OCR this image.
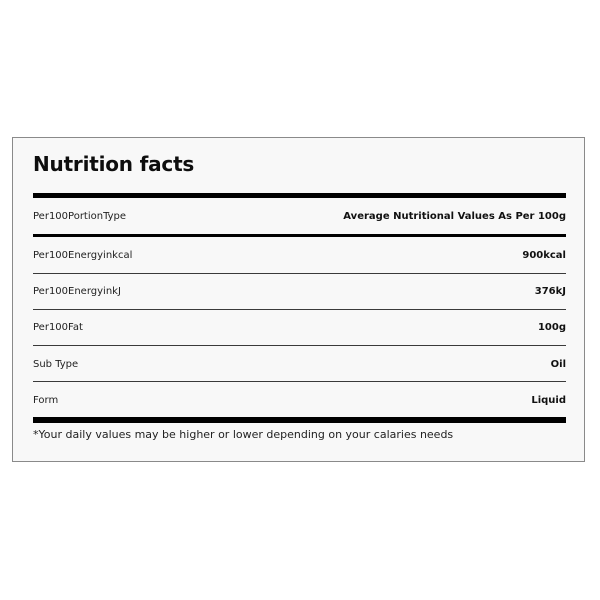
Nutrition facts
Per100PortionType	Average Nutritional Values As Per 100g
Per100Energyinkcal	900kcal
Per100EnergyinkJ	376kJ
Per100Fat	100g
Sub Type	Oil
Form	Liquid
*Your daily values may be higher or lower depending on your calaries needs
